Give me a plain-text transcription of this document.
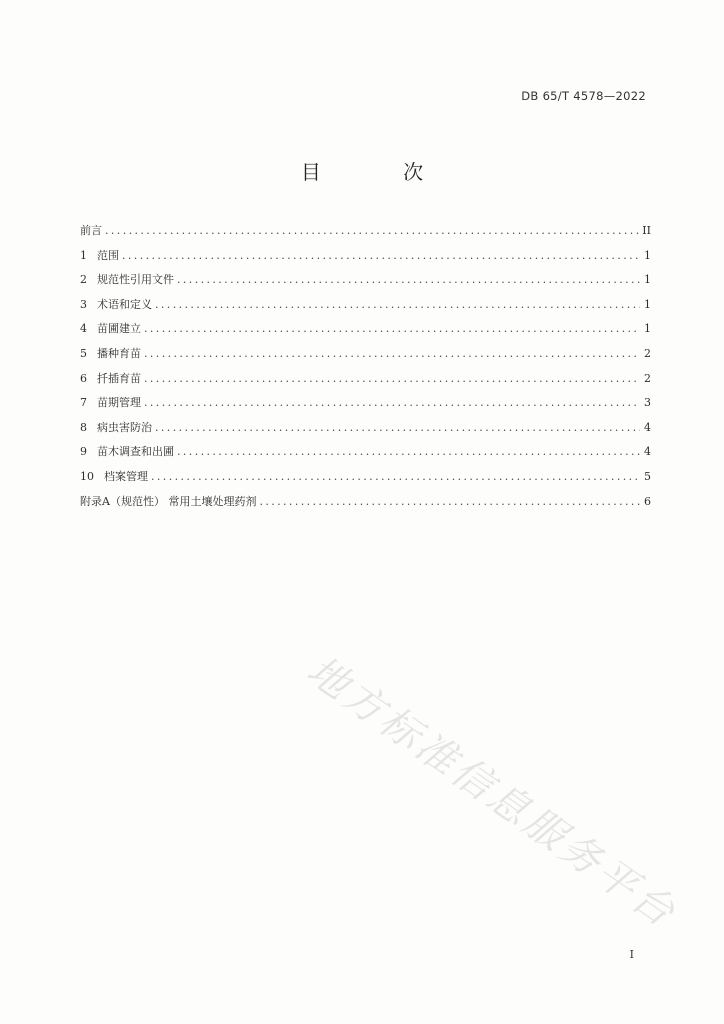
DB 65/T 4578—2022
目 次
前言 .....	II
1 范围 .....	1
2 规范性引用文件 .....	1
3 术语和定义 .....	1
4 苗圃建立 .....	1
5 播种育苗 .....	2
6 扦插育苗 .....	2
7 苗期管理 .....	3
8 病虫害防治 .....	4
9 苗木调查和出圃 .....	4
10 档案管理 .....	5
附录A（规范性） 常用土壤处理药剂 .....	6
地方标准信息服务平台
I
